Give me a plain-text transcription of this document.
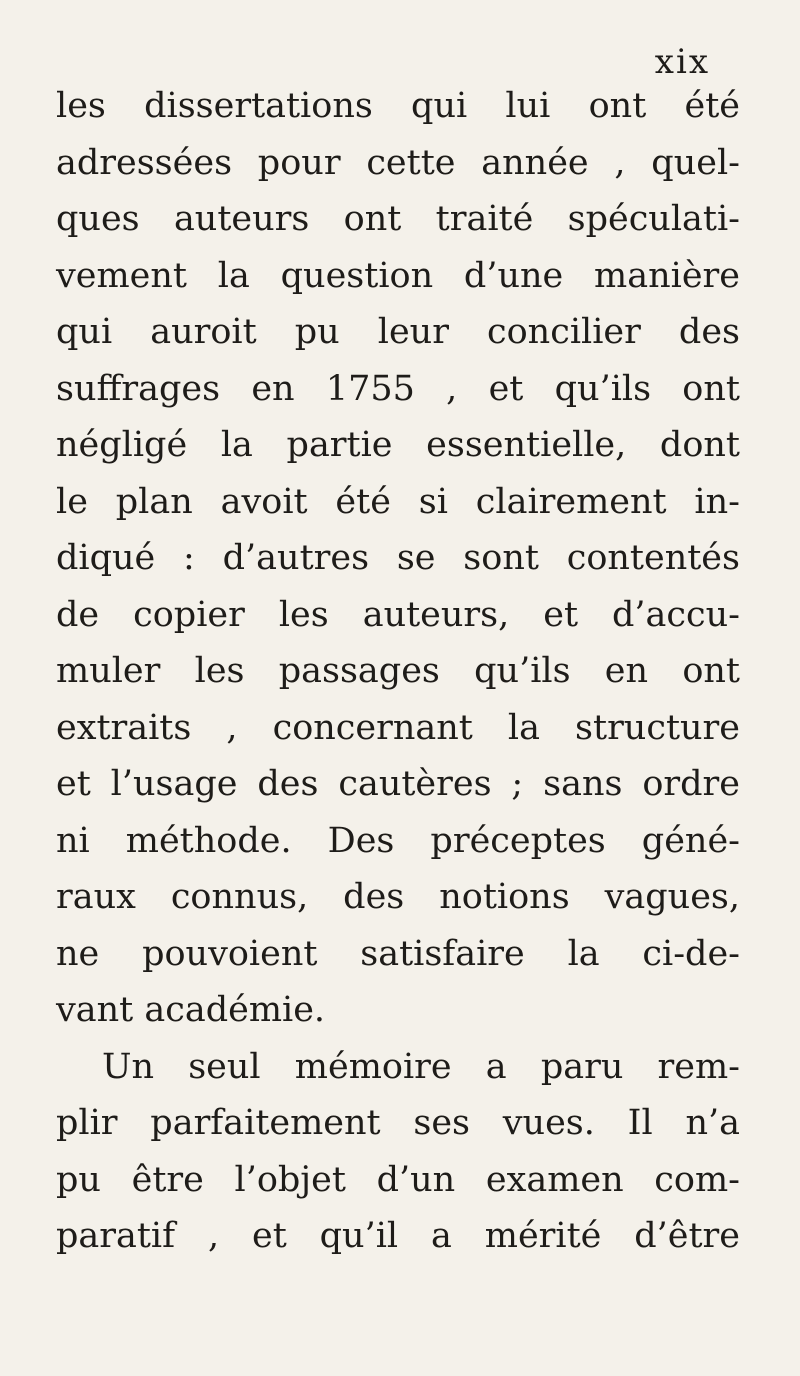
xix
les dissertations qui lui ont été
adressées pour cette année , quel-
ques auteurs ont traité spéculati-
vement la question d’une manière
qui auroit pu leur concilier des
suffrages en 1755 , et qu’ils ont
négligé la partie essentielle, dont
le plan avoit été si clairement in-
diqué : d’autres se sont contentés
de copier les auteurs, et d’accu-
muler les passages qu’ils en ont
extraits , concernant la structure
et l’usage des cautères ; sans ordre
ni méthode. Des préceptes géné-
raux connus, des notions vagues,
ne pouvoient satisfaire la ci-de-
vant académie.
Un seul mémoire a paru rem-
plir parfaitement ses vues. Il n’a
pu être l’objet d’un examen com-
paratif , et qu’il a mérité d’être
